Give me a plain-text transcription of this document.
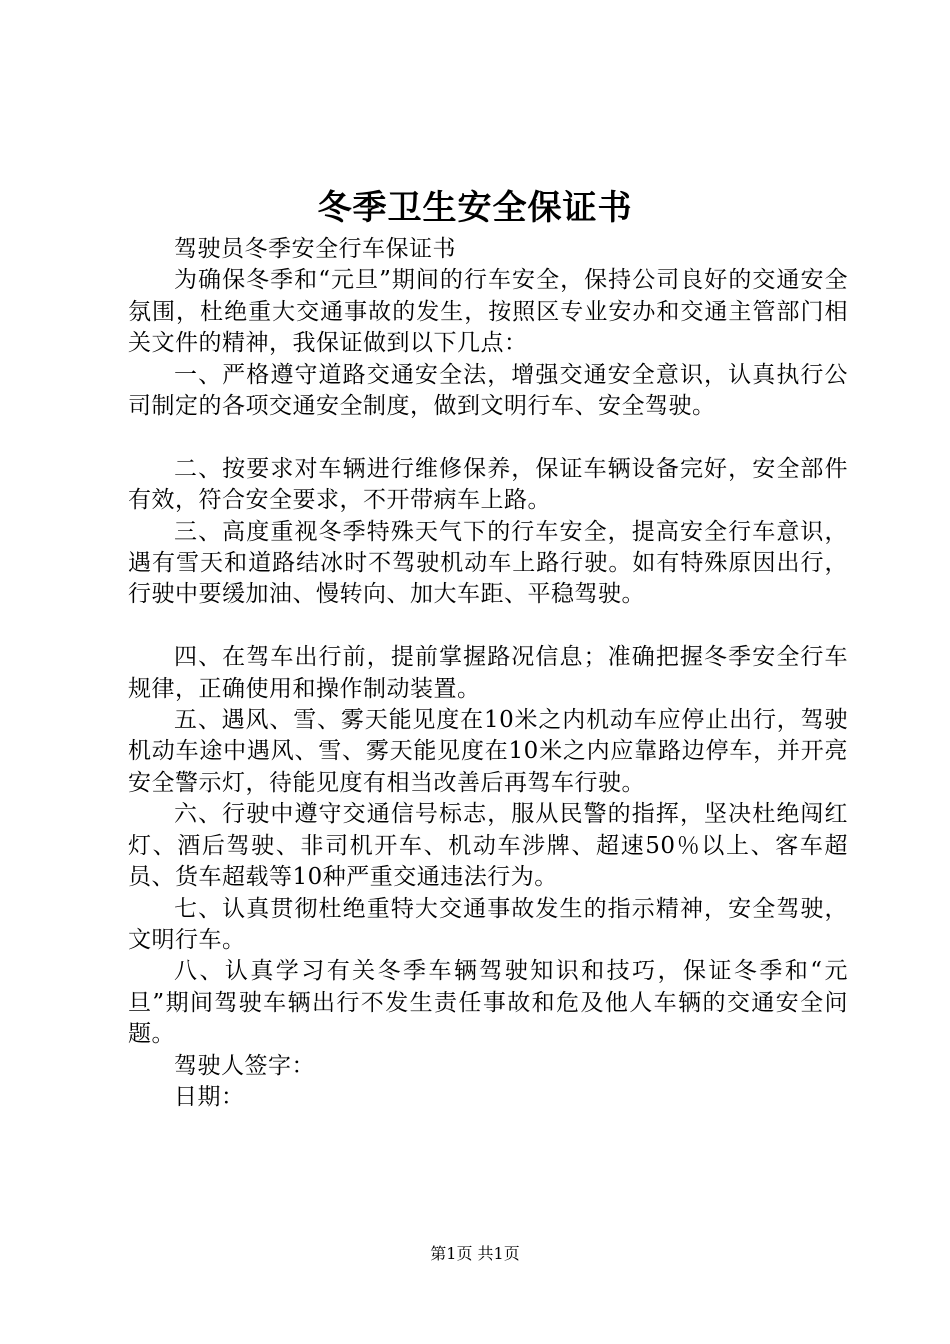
冬季卫生安全保证书

驾驶员冬季安全行车保证书

为确保冬季和“元旦”期间的行车安全，保持公司良好的交通安全氛围，杜绝重大交通事故的发生，按照区专业安办和交通主管部门相关文件的精神，我保证做到以下几点：

一、严格遵守道路交通安全法，增强交通安全意识，认真执行公司制定的各项交通安全制度，做到文明行车、安全驾驶。

二、按要求对车辆进行维修保养，保证车辆设备完好，安全部件有效，符合安全要求，不开带病车上路。

三、高度重视冬季特殊天气下的行车安全，提高安全行车意识，遇有雪天和道路结冰时不驾驶机动车上路行驶。如有特殊原因出行，行驶中要缓加油、慢转向、加大车距、平稳驾驶。

四、在驾车出行前，提前掌握路况信息；准确把握冬季安全行车规律，正确使用和操作制动装置。

五、遇风、雪、雾天能见度在10米之内机动车应停止出行，驾驶机动车途中遇风、雪、雾天能见度在10米之内应靠路边停车，并开亮安全警示灯，待能见度有相当改善后再驾车行驶。

六、行驶中遵守交通信号标志，服从民警的指挥，坚决杜绝闯红灯、酒后驾驶、非司机开车、机动车涉牌、超速50％以上、客车超员、货车超载等10种严重交通违法行为。

七、认真贯彻杜绝重特大交通事故发生的指示精神，安全驾驶，文明行车。

八、认真学习有关冬季车辆驾驶知识和技巧，保证冬季和“元旦”期间驾驶车辆出行不发生责任事故和危及他人车辆的交通安全问题。

驾驶人签字：

日期：

第1页 共1页
